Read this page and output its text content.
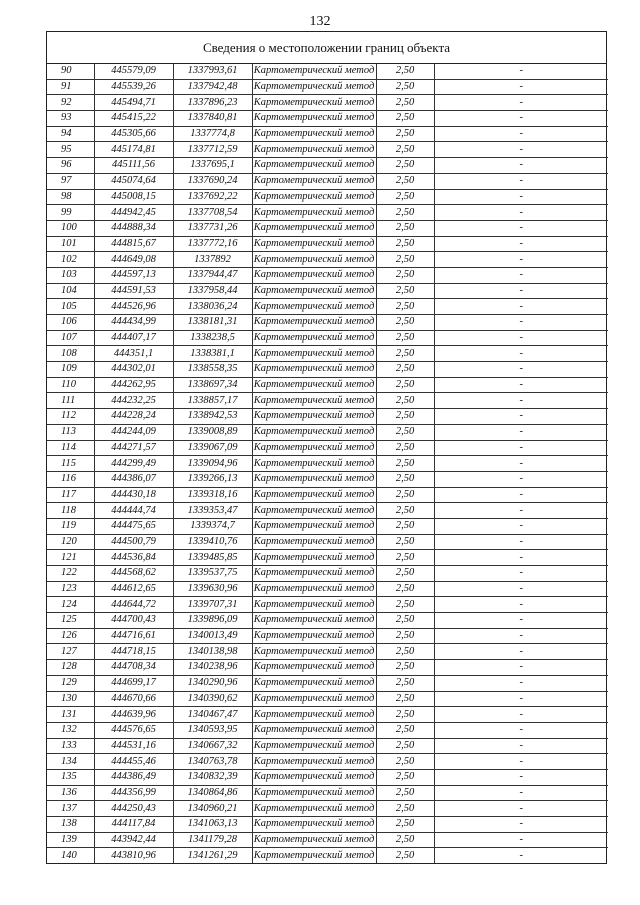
132
Сведения о местоположении границ объекта
90	445579,09	1337993,61	Картометрический метод	2,50	-
91	445539,26	1337942,48	Картометрический метод	2,50	-
92	445494,71	1337896,23	Картометрический метод	2,50	-
93	445415,22	1337840,81	Картометрический метод	2,50	-
94	445305,66	1337774,8	Картометрический метод	2,50	-
95	445174,81	1337712,59	Картометрический метод	2,50	-
96	445111,56	1337695,1	Картометрический метод	2,50	-
97	445074,64	1337690,24	Картометрический метод	2,50	-
98	445008,15	1337692,22	Картометрический метод	2,50	-
99	444942,45	1337708,54	Картометрический метод	2,50	-
100	444888,34	1337731,26	Картометрический метод	2,50	-
101	444815,67	1337772,16	Картометрический метод	2,50	-
102	444649,08	1337892	Картометрический метод	2,50	-
103	444597,13	1337944,47	Картометрический метод	2,50	-
104	444591,53	1337958,44	Картометрический метод	2,50	-
105	444526,96	1338036,24	Картометрический метод	2,50	-
106	444434,99	1338181,31	Картометрический метод	2,50	-
107	444407,17	1338238,5	Картометрический метод	2,50	-
108	444351,1	1338381,1	Картометрический метод	2,50	-
109	444302,01	1338558,35	Картометрический метод	2,50	-
110	444262,95	1338697,34	Картометрический метод	2,50	-
111	444232,25	1338857,17	Картометрический метод	2,50	-
112	444228,24	1338942,53	Картометрический метод	2,50	-
113	444244,09	1339008,89	Картометрический метод	2,50	-
114	444271,57	1339067,09	Картометрический метод	2,50	-
115	444299,49	1339094,96	Картометрический метод	2,50	-
116	444386,07	1339266,13	Картометрический метод	2,50	-
117	444430,18	1339318,16	Картометрический метод	2,50	-
118	444444,74	1339353,47	Картометрический метод	2,50	-
119	444475,65	1339374,7	Картометрический метод	2,50	-
120	444500,79	1339410,76	Картометрический метод	2,50	-
121	444536,84	1339485,85	Картометрический метод	2,50	-
122	444568,62	1339537,75	Картометрический метод	2,50	-
123	444612,65	1339630,96	Картометрический метод	2,50	-
124	444644,72	1339707,31	Картометрический метод	2,50	-
125	444700,43	1339896,09	Картометрический метод	2,50	-
126	444716,61	1340013,49	Картометрический метод	2,50	-
127	444718,15	1340138,98	Картометрический метод	2,50	-
128	444708,34	1340238,96	Картометрический метод	2,50	-
129	444699,17	1340290,96	Картометрический метод	2,50	-
130	444670,66	1340390,62	Картометрический метод	2,50	-
131	444639,96	1340467,47	Картометрический метод	2,50	-
132	444576,65	1340593,95	Картометрический метод	2,50	-
133	444531,16	1340667,32	Картометрический метод	2,50	-
134	444455,46	1340763,78	Картометрический метод	2,50	-
135	444386,49	1340832,39	Картометрический метод	2,50	-
136	444356,99	1340864,86	Картометрический метод	2,50	-
137	444250,43	1340960,21	Картометрический метод	2,50	-
138	444117,84	1341063,13	Картометрический метод	2,50	-
139	443942,44	1341179,28	Картометрический метод	2,50	-
140	443810,96	1341261,29	Картометрический метод	2,50	-
